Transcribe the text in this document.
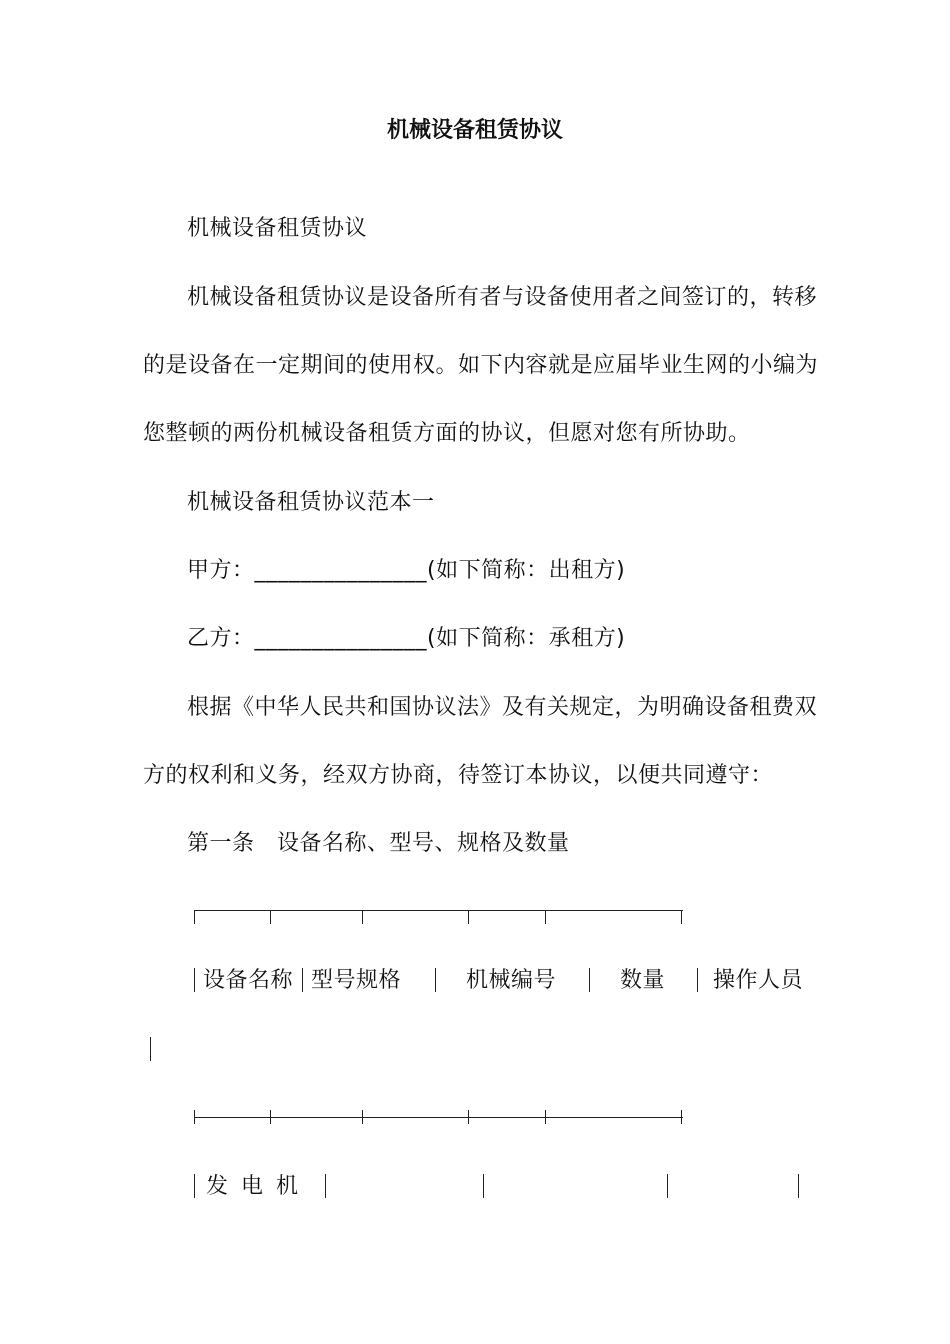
机械设备租赁协议
机械设备租赁协议
机械设备租赁协议是设备所有者与设备使用者之间签订的，转移
的是设备在一定期间的使用权。如下内容就是应届毕业生网的小编为
您整顿的两份机械设备租赁方面的协议，但愿对您有所协助。
机械设备租赁协议范本一
甲方：_______________(如下简称：出租方)
乙方：_______________(如下简称：承租方)
根据《中华人民共和国协议法》及有关规定，为明确设备租费双
方的权利和义务，经双方协商，待签订本协议，以便共同遵守：
第一条　设备名称、型号、规格及数量
设备名称 型号规格	机械编号	数量 操作人员
发 电 机
